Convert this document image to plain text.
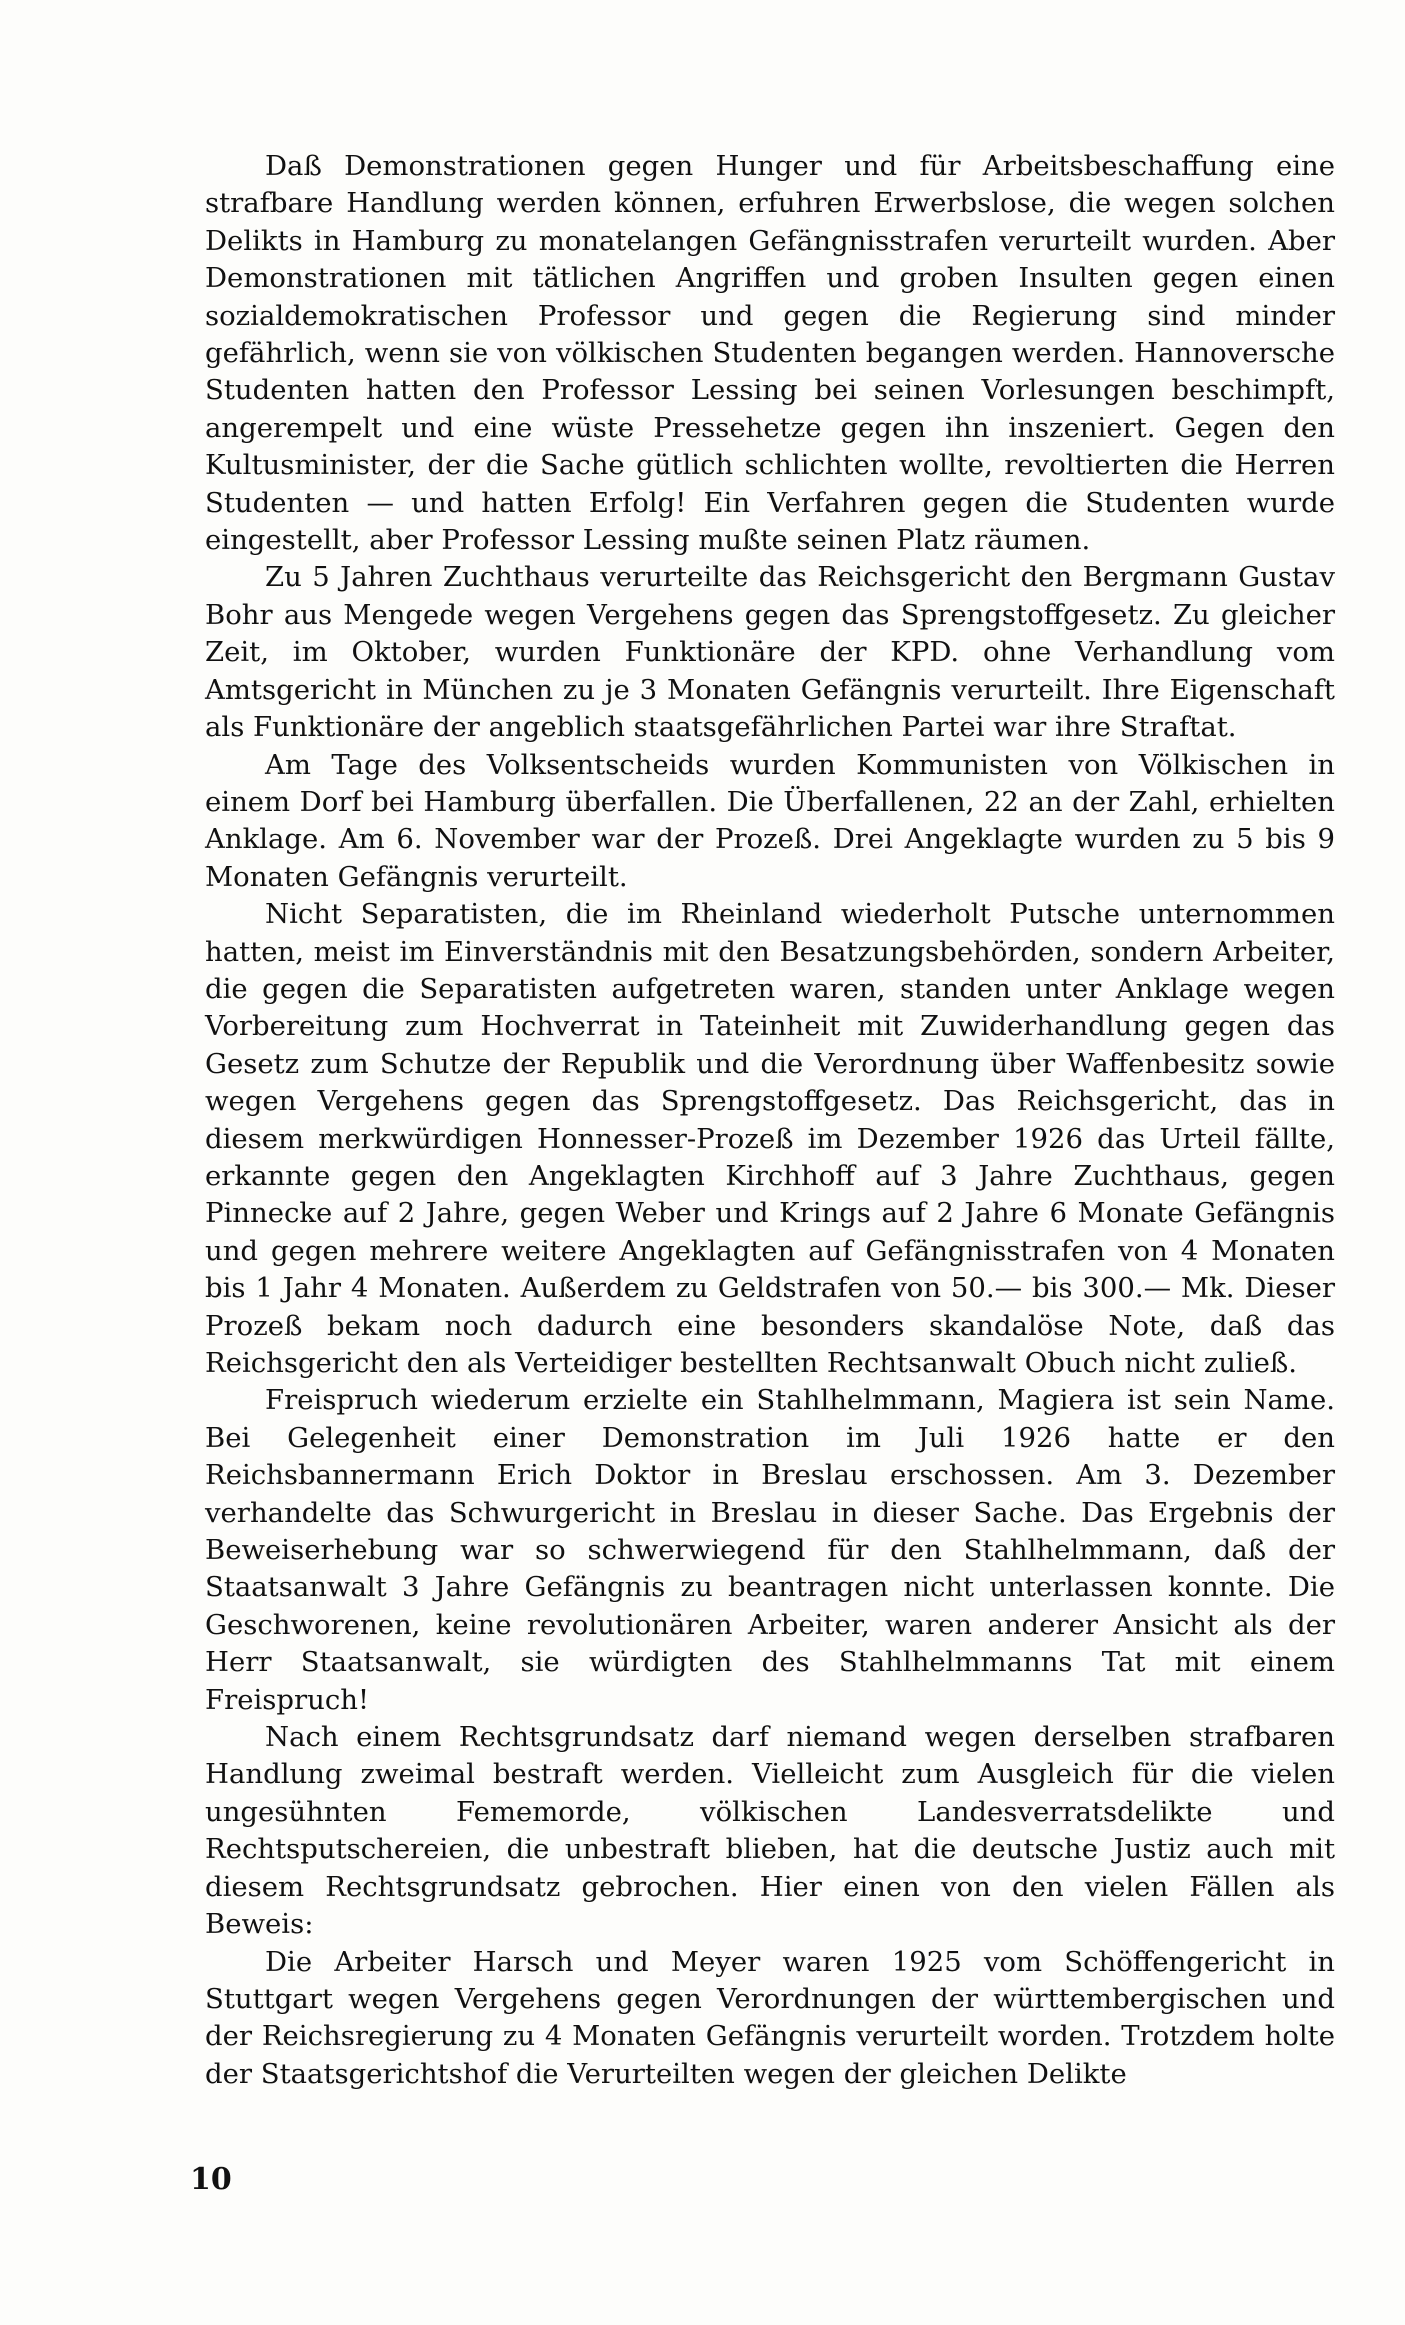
Daß Demonstrationen gegen Hunger und für Arbeitsbeschaffung eine strafbare Handlung werden können, erfuhren Erwerbslose, die wegen solchen Delikts in Hamburg zu monatelangen Gefängnisstrafen verurteilt wurden. Aber Demonstrationen mit tätlichen Angriffen und groben Insulten gegen einen sozialdemokratischen Professor und gegen die Regierung sind minder gefährlich, wenn sie von völkischen Studenten begangen werden. Hannoversche Studenten hatten den Professor Lessing bei seinen Vorlesungen beschimpft, angerempelt und eine wüste Pressehetze gegen ihn inszeniert. Gegen den Kultusminister, der die Sache gütlich schlichten wollte, revoltierten die Herren Studenten — und hatten Erfolg! Ein Verfahren gegen die Studenten wurde eingestellt, aber Professor Lessing mußte seinen Platz räumen.

Zu 5 Jahren Zuchthaus verurteilte das Reichsgericht den Bergmann Gustav Bohr aus Mengede wegen Vergehens gegen das Sprengstoffgesetz. Zu gleicher Zeit, im Oktober, wurden Funktionäre der KPD. ohne Verhandlung vom Amtsgericht in München zu je 3 Monaten Gefängnis verurteilt. Ihre Eigenschaft als Funktionäre der angeblich staatsgefährlichen Partei war ihre Straftat.

Am Tage des Volksentscheids wurden Kommunisten von Völkischen in einem Dorf bei Hamburg überfallen. Die Überfallenen, 22 an der Zahl, erhielten Anklage. Am 6. November war der Prozeß. Drei Angeklagte wurden zu 5 bis 9 Monaten Gefängnis verurteilt.

Nicht Separatisten, die im Rheinland wiederholt Putsche unternommen hatten, meist im Einverständnis mit den Besatzungsbehörden, sondern Arbeiter, die gegen die Separatisten aufgetreten waren, standen unter Anklage wegen Vorbereitung zum Hochverrat in Tateinheit mit Zuwiderhandlung gegen das Gesetz zum Schutze der Republik und die Verordnung über Waffenbesitz sowie wegen Vergehens gegen das Sprengstoffgesetz. Das Reichsgericht, das in diesem merkwürdigen Honnesser-Prozeß im Dezember 1926 das Urteil fällte, erkannte gegen den Angeklagten Kirchhoff auf 3 Jahre Zuchthaus, gegen Pinnecke auf 2 Jahre, gegen Weber und Krings auf 2 Jahre 6 Monate Gefängnis und gegen mehrere weitere Angeklagten auf Gefängnisstrafen von 4 Monaten bis 1 Jahr 4 Monaten. Außerdem zu Geldstrafen von 50.— bis 300.— Mk. Dieser Prozeß bekam noch dadurch eine besonders skandalöse Note, daß das Reichsgericht den als Verteidiger bestellten Rechtsanwalt Obuch nicht zuließ.

Freispruch wiederum erzielte ein Stahlhelmmann, Magiera ist sein Name. Bei Gelegenheit einer Demonstration im Juli 1926 hatte er den Reichsbannermann Erich Doktor in Breslau erschossen. Am 3. Dezember verhandelte das Schwurgericht in Breslau in dieser Sache. Das Ergebnis der Beweiserhebung war so schwerwiegend für den Stahlhelmmann, daß der Staatsanwalt 3 Jahre Gefängnis zu beantragen nicht unterlassen konnte. Die Geschworenen, keine revolutionären Arbeiter, waren anderer Ansicht als der Herr Staatsanwalt, sie würdigten des Stahlhelmmanns Tat mit einem Freispruch!

Nach einem Rechtsgrundsatz darf niemand wegen derselben strafbaren Handlung zweimal bestraft werden. Vielleicht zum Ausgleich für die vielen ungesühnten Fememorde, völkischen Landesverratsdelikte und Rechtsputschereien, die unbestraft blieben, hat die deutsche Justiz auch mit diesem Rechtsgrundsatz gebrochen. Hier einen von den vielen Fällen als Beweis:

Die Arbeiter Harsch und Meyer waren 1925 vom Schöffengericht in Stuttgart wegen Vergehens gegen Verordnungen der württembergischen und der Reichsregierung zu 4 Monaten Gefängnis verurteilt worden. Trotzdem holte der Staatsgerichtshof die Verurteilten wegen der gleichen Delikte

10
